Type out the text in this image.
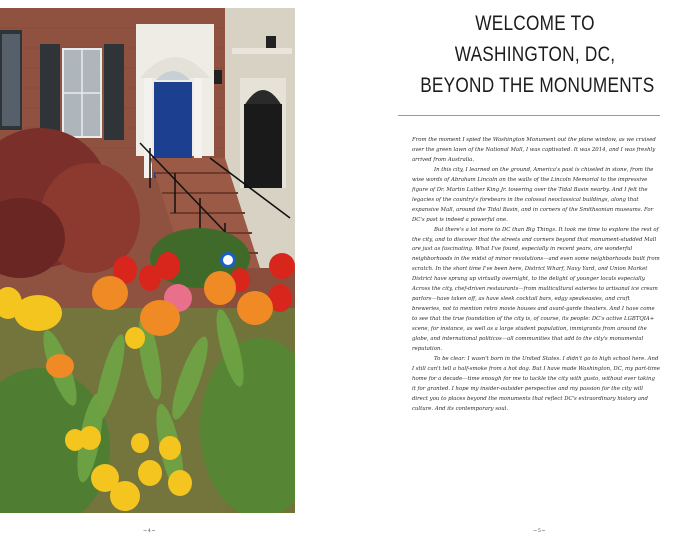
~4~
WELCOME TO
WASHINGTON, DC,
BEYOND THE MONUMENTS

From the moment I spied the Washington Monument out the plane window, as we cruised over the green lawn of the National Mall, I was captivated. It was 2014, and I was freshly arrived from Australia.

In this city, I learned on the ground, America's past is chiseled in stone, from the wise words of Abraham Lincoln on the walls of the Lincoln Memorial to the impressive figure of Dr. Martin Luther King Jr. towering over the Tidal Basin nearby. And I felt the legacies of the country's forebears in the colossal neoclassical buildings, along that expansive Mall, around the Tidal Basin, and in corners of the Smithsonian museums. For DC's past is indeed a powerful one.

But there's a lot more to DC than Big Things. It took me time to explore the rest of the city, and to discover that the streets and corners beyond that monument-studded Mall are just as fascinating. What I've found, especially in recent years, are wonderful neighborhoods in the midst of minor revolutions—and even some neighborhoods built from scratch. In the short time I've been here, District Wharf, Navy Yard, and Union Market District have sprung up virtually overnight, to the delight of younger locals especially. Across the city, chef-driven restaurants—from multicultural eateries to artisanal ice cream parlors—have taken off, as have sleek cocktail bars, edgy speakeasies, and craft breweries, not to mention retro movie houses and avant-garde theaters. And I have come to see that the true foundation of the city is, of course, its people: DC's active LGBTQIA+ scene, for instance, as well as a large student population, immigrants from around the globe, and international politicos—all communities that add to the city's monumental reputation.

To be clear: I wasn't born in the United States. I didn't go to high school here. And I still can't tell a half-smoke from a hot dog. But I have made Washington, DC, my part-time home for a decade—time enough for me to tackle the city with gusto, without ever taking it for granted. I hope my insider-outsider perspective and my passion for the city will direct you to places beyond the monuments that reflect DC's extraordinary history and culture. And its contemporary soul.

~5~
